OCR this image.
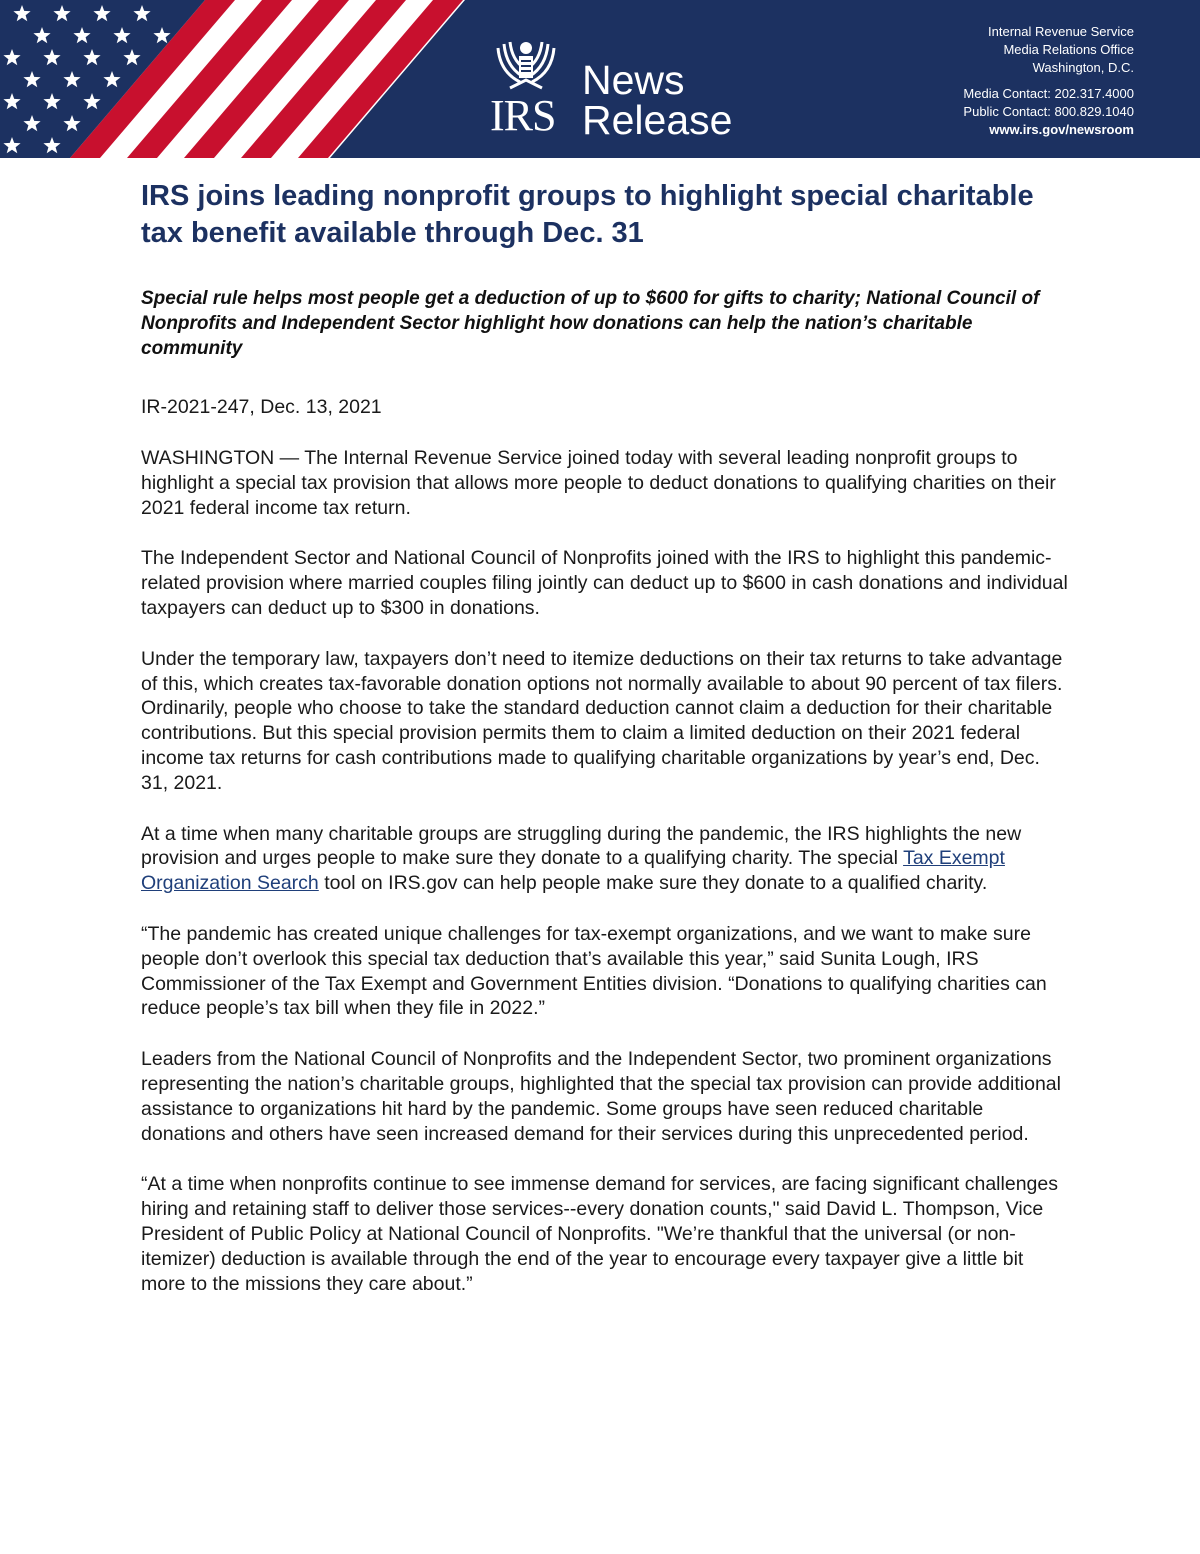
IRS
News
Release
Internal Revenue Service
Media Relations Office
Washington, D.C.
Media Contact: 202.317.4000
Public Contact: 800.829.1040
www.irs.gov/newsroom
IRS joins leading nonprofit groups to highlight special charitable tax benefit available through Dec. 31

Special rule helps most people get a deduction of up to $600 for gifts to charity; National Council of Nonprofits and Independent Sector highlight how donations can help the nation’s charitable community

IR-2021-247, Dec. 13, 2021

WASHINGTON — The Internal Revenue Service joined today with several leading nonprofit groups to highlight a special tax provision that allows more people to deduct donations to qualifying charities on their 2021 federal income tax return.

The Independent Sector and National Council of Nonprofits joined with the IRS to highlight this pandemic-related provision where married couples filing jointly can deduct up to $600 in cash donations and individual taxpayers can deduct up to $300 in donations.

Under the temporary law, taxpayers don’t need to itemize deductions on their tax returns to take advantage of this, which creates tax-favorable donation options not normally available to about 90 percent of tax filers. Ordinarily, people who choose to take the standard deduction cannot claim a deduction for their charitable contributions. But this special provision permits them to claim a limited deduction on their 2021 federal income tax returns for cash contributions made to qualifying charitable organizations by year’s end, Dec. 31, 2021.

At a time when many charitable groups are struggling during the pandemic, the IRS highlights the new provision and urges people to make sure they donate to a qualifying charity. The special Tax Exempt Organization Search tool on IRS.gov can help people make sure they donate to a qualified charity.

“The pandemic has created unique challenges for tax-exempt organizations, and we want to make sure people don’t overlook this special tax deduction that’s available this year,” said Sunita Lough, IRS Commissioner of the Tax Exempt and Government Entities division. “Donations to qualifying charities can reduce people’s tax bill when they file in 2022.”

Leaders from the National Council of Nonprofits and the Independent Sector, two prominent organizations representing the nation’s charitable groups, highlighted that the special tax provision can provide additional assistance to organizations hit hard by the pandemic. Some groups have seen reduced charitable donations and others have seen increased demand for their services during this unprecedented period.

“At a time when nonprofits continue to see immense demand for services, are facing significant challenges hiring and retaining staff to deliver those services--every donation counts," said David L. Thompson, Vice President of Public Policy at National Council of Nonprofits. "We’re thankful that the universal (or non-itemizer) deduction is available through the end of the year to encourage every taxpayer give a little bit more to the missions they care about.”
